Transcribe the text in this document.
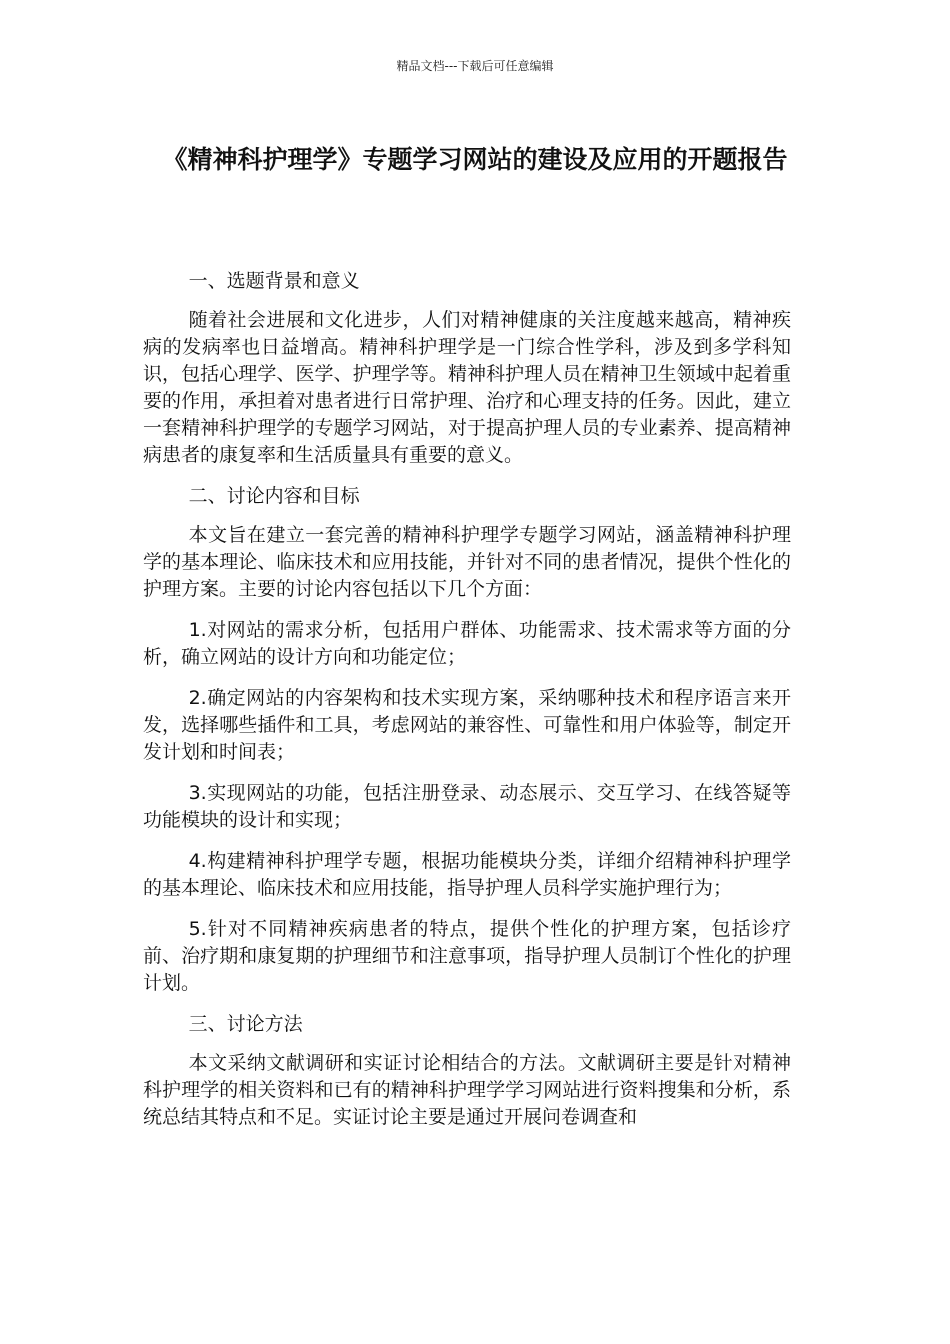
精品文档---下载后可任意编辑
《精神科护理学》专题学习网站的建设及应用的开题报告

一、选题背景和意义

随着社会进展和文化进步，人们对精神健康的关注度越来越高，精神疾病的发病率也日益增高。精神科护理学是一门综合性学科，涉及到多学科知识，包括心理学、医学、护理学等。精神科护理人员在精神卫生领域中起着重要的作用，承担着对患者进行日常护理、治疗和心理支持的任务。因此，建立一套精神科护理学的专题学习网站，对于提高护理人员的专业素养、提高精神病患者的康复率和生活质量具有重要的意义。

二、讨论内容和目标

本文旨在建立一套完善的精神科护理学专题学习网站，涵盖精神科护理学的基本理论、临床技术和应用技能，并针对不同的患者情况，提供个性化的护理方案。主要的讨论内容包括以下几个方面：

1.对网站的需求分析，包括用户群体、功能需求、技术需求等方面的分析，确立网站的设计方向和功能定位；

2.确定网站的内容架构和技术实现方案，采纳哪种技术和程序语言来开发，选择哪些插件和工具，考虑网站的兼容性、可靠性和用户体验等，制定开发计划和时间表；

3.实现网站的功能，包括注册登录、动态展示、交互学习、在线答疑等功能模块的设计和实现；

4.构建精神科护理学专题，根据功能模块分类，详细介绍精神科护理学的基本理论、临床技术和应用技能，指导护理人员科学实施护理行为；

5.针对不同精神疾病患者的特点，提供个性化的护理方案，包括诊疗前、治疗期和康复期的护理细节和注意事项，指导护理人员制订个性化的护理计划。

三、讨论方法

本文采纳文献调研和实证讨论相结合的方法。文献调研主要是针对精神科护理学的相关资料和已有的精神科护理学学习网站进行资料搜集和分析，系统总结其特点和不足。实证讨论主要是通过开展问卷调查和
